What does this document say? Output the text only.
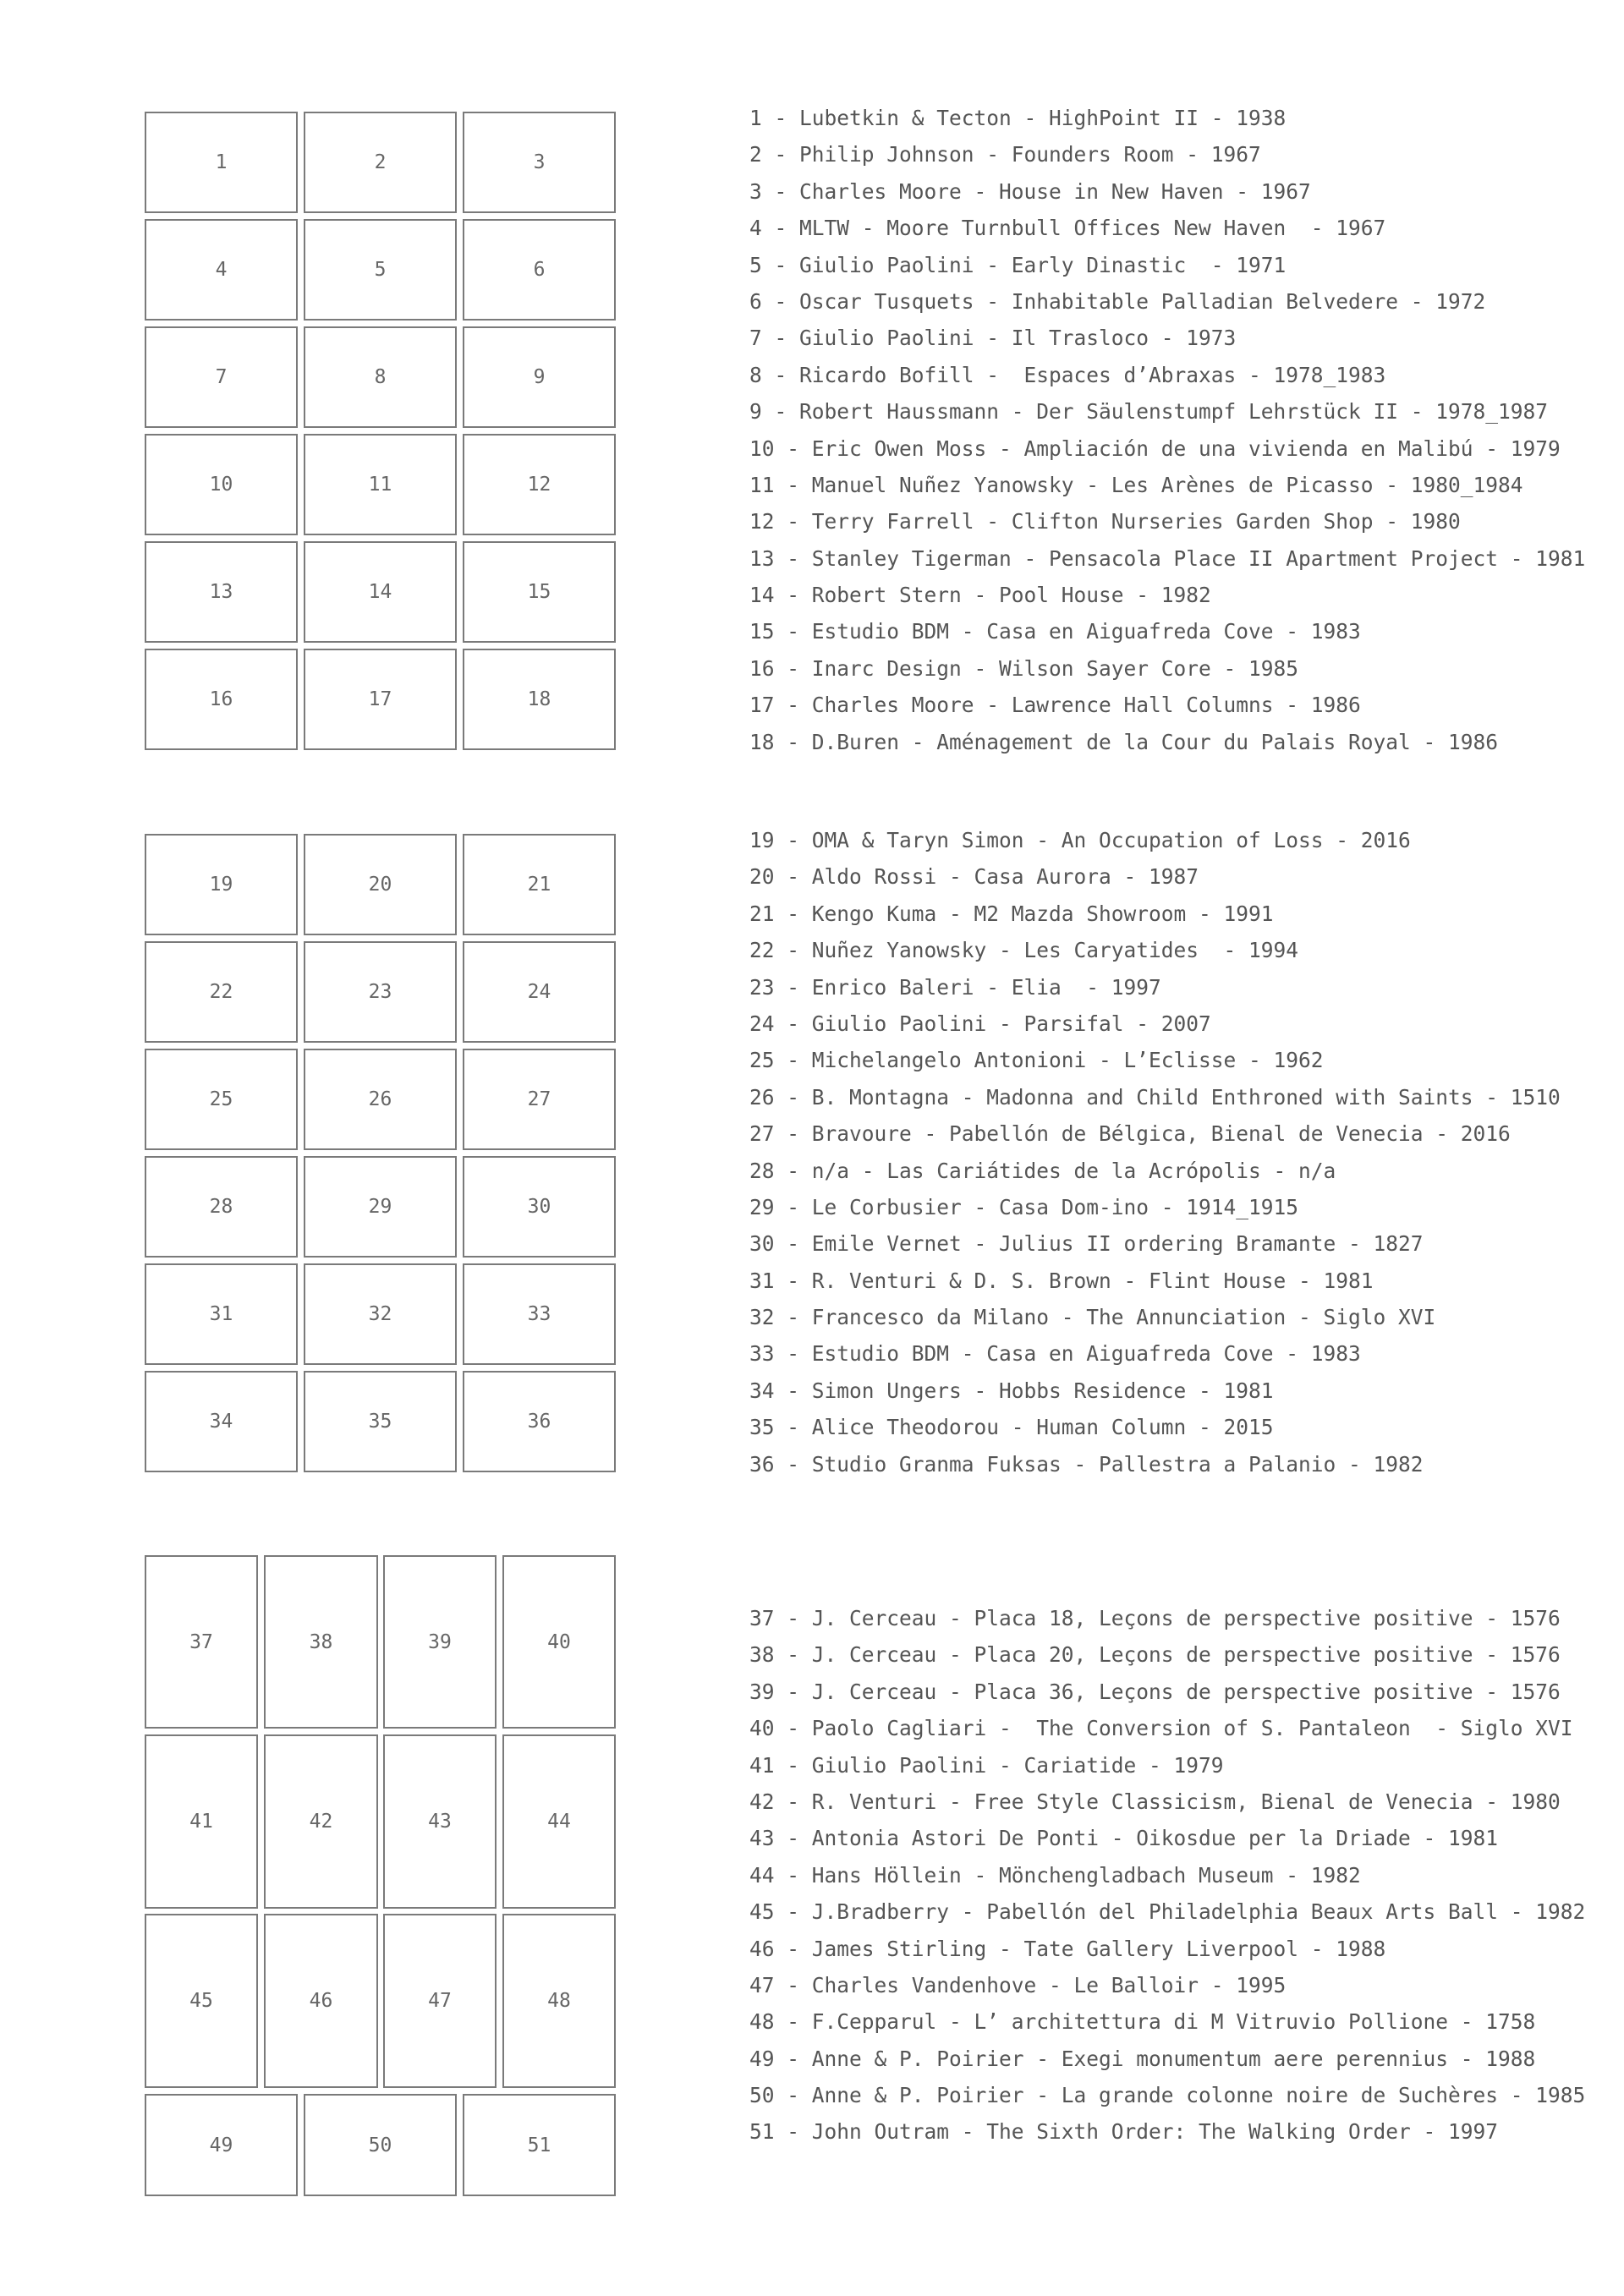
1	2	3
4	5	6
7	8	9
10	11	12
13	14	15
16	17	18
1 - Lubetkin & Tecton - HighPoint II - 1938
2 - Philip Johnson - Founders Room - 1967
3 - Charles Moore - House in New Haven - 1967
4 - MLTW - Moore Turnbull Offices New Haven  - 1967
5 - Giulio Paolini - Early Dinastic  - 1971
6 - Oscar Tusquets - Inhabitable Palladian Belvedere - 1972
7 - Giulio Paolini - Il Trasloco - 1973
8 - Ricardo Bofill -  Espaces d’Abraxas - 1978_1983
9 - Robert Haussmann - Der Säulenstumpf Lehrstück II - 1978_1987
10 - Eric Owen Moss - Ampliación de una vivienda en Malibú - 1979
11 - Manuel Nuñez Yanowsky - Les Arènes de Picasso - 1980_1984
12 - Terry Farrell - Clifton Nurseries Garden Shop - 1980
13 - Stanley Tigerman - Pensacola Place II Apartment Project - 1981
14 - Robert Stern - Pool House - 1982
15 - Estudio BDM - Casa en Aiguafreda Cove - 1983
16 - Inarc Design - Wilson Sayer Core - 1985
17 - Charles Moore - Lawrence Hall Columns - 1986
18 - D.Buren - Aménagement de la Cour du Palais Royal - 1986
19	20	21
22	23	24
25	26	27
28	29	30
31	32	33
34	35	36
19 - OMA & Taryn Simon - An Occupation of Loss - 2016
20 - Aldo Rossi - Casa Aurora - 1987
21 - Kengo Kuma - M2 Mazda Showroom - 1991
22 - Nuñez Yanowsky - Les Caryatides  - 1994
23 - Enrico Baleri - Elia  - 1997
24 - Giulio Paolini - Parsifal - 2007
25 - Michelangelo Antonioni - L’Eclisse - 1962
26 - B. Montagna - Madonna and Child Enthroned with Saints - 1510
27 - Bravoure - Pabellón de Bélgica, Bienal de Venecia - 2016
28 - n/a - Las Cariátides de la Acrópolis - n/a
29 - Le Corbusier - Casa Dom-ino - 1914_1915
30 - Emile Vernet - Julius II ordering Bramante - 1827
31 - R. Venturi & D. S. Brown - Flint House - 1981
32 - Francesco da Milano - The Annunciation - Siglo XVI
33 - Estudio BDM - Casa en Aiguafreda Cove - 1983
34 - Simon Ungers - Hobbs Residence - 1981
35 - Alice Theodorou - Human Column - 2015
36 - Studio Granma Fuksas - Pallestra a Palanio - 1982
37	38	39	40
41	42	43	44
45	46	47	48
49	50	51
37 - J. Cerceau - Placa 18, Leçons de perspective positive - 1576
38 - J. Cerceau - Placa 20, Leçons de perspective positive - 1576
39 - J. Cerceau - Placa 36, Leçons de perspective positive - 1576
40 - Paolo Cagliari -  The Conversion of S. Pantaleon  - Siglo XVI
41 - Giulio Paolini - Cariatide - 1979
42 - R. Venturi - Free Style Classicism, Bienal de Venecia - 1980
43 - Antonia Astori De Ponti - Oikosdue per la Driade - 1981
44 - Hans Höllein - Mönchengladbach Museum - 1982
45 - J.Bradberry - Pabellón del Philadelphia Beaux Arts Ball - 1982
46 - James Stirling - Tate Gallery Liverpool - 1988
47 - Charles Vandenhove - Le Balloir - 1995
48 - F.Cepparul - L’ architettura di M Vitruvio Pollione - 1758
49 - Anne & P. Poirier - Exegi monumentum aere perennius - 1988
50 - Anne & P. Poirier - La grande colonne noire de Suchères - 1985
51 - John Outram - The Sixth Order: The Walking Order - 1997
